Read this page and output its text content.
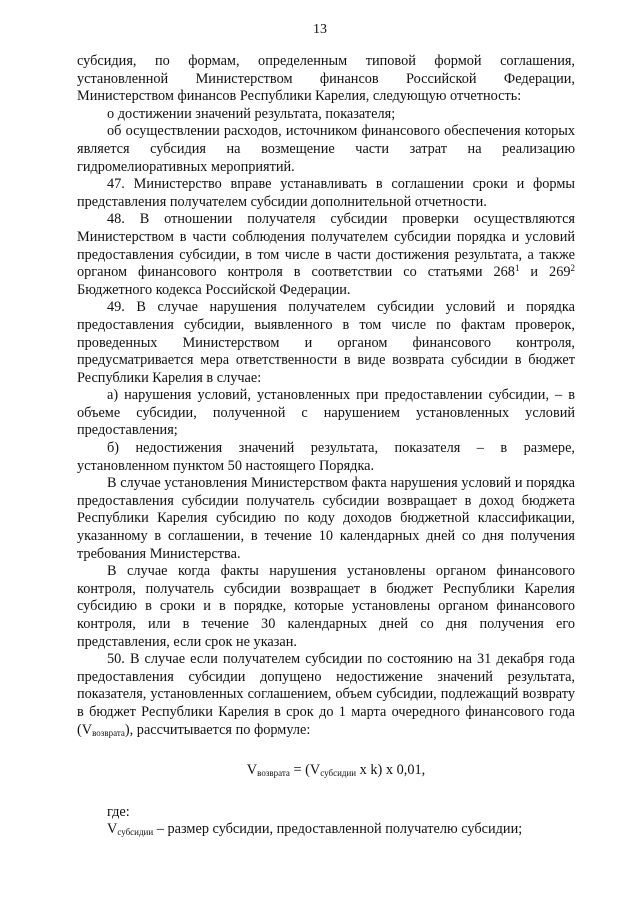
13

субсидия, по формам, определенным типовой формой соглашения, установленной Министерством финансов Российской Федерации, Министерством финансов Республики Карелия, следующую отчетность:

о достижении значений результата, показателя;

об осуществлении расходов, источником финансового обеспечения которых является субсидия на возмещение части затрат на реализацию гидромелиоративных мероприятий.

47. Министерство вправе устанавливать в соглашении сроки и формы представления получателем субсидии дополнительной отчетности.

48. В отношении получателя субсидии проверки осуществляются Министерством в части соблюдения получателем субсидии порядка и условий предоставления субсидии, в том числе в части достижения результата, а также органом финансового контроля в соответствии со статьями $268^1$ и $269^2$ Бюджетного кодекса Российской Федерации.

49. В случае нарушения получателем субсидии условий и порядка предоставления субсидии, выявленного в том числе по фактам проверок, проведенных Министерством и органом финансового контроля, предусматривается мера ответственности в виде возврата субсидии в бюджет Республики Карелия в случае:

а) нарушения условий, установленных при предоставлении субсидии, – в объеме субсидии, полученной с нарушением установленных условий предоставления;

б) недостижения значений результата, показателя – в размере, установленном пунктом 50 настоящего Порядка.

В случае установления Министерством факта нарушения условий и порядка предоставления субсидии получатель субсидии возвращает в доход бюджета Республики Карелия субсидию по коду доходов бюджетной классификации, указанному в соглашении, в течение 10 календарных дней со дня получения требования Министерства.

В случае когда факты нарушения установлены органом финансового контроля, получатель субсидии возвращает в бюджет Республики Карелия субсидию в сроки и в порядке, которые установлены органом финансового контроля, или в течение 30 календарных дней со дня получения его представления, если срок не указан.

50. В случае если получателем субсидии по состоянию на 31 декабря года предоставления субсидии допущено недостижение значений результата, показателя, установленных соглашением, объем субсидии, подлежащий возврату в бюджет Республики Карелия в срок до 1 марта очередного финансового года $(V_{возврата})$, рассчитывается по формуле:

$V_{возврата} = (V_{субсидии}$ x k) x 0,01,

где:

$V_{субсидии}$ – размер субсидии, предоставленной получателю субсидии;
